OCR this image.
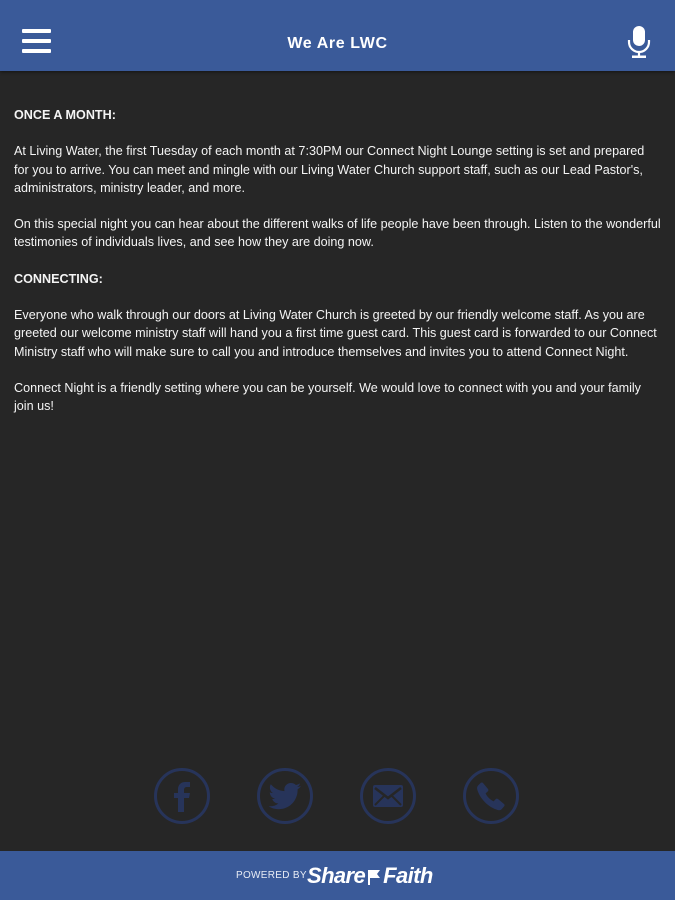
We Are LWC

ONCE A MONTH:

At Living Water, the first Tuesday of each month at 7:30PM our Connect Night Lounge setting is set and prepared for you to arrive. You can meet and mingle with our Living Water Church support staff, such as our Lead Pastor's, administrators, ministry leader, and more.

On this special night you can hear about the different walks of life people have been through. Listen to the wonderful testimonies of individuals lives, and see how they are doing now.

CONNECTING:

Everyone who walk through our doors at Living Water Church is greeted by our friendly welcome staff. As you are greeted our welcome ministry staff will hand you a first time guest card. This guest card is forwarded to our Connect Ministry staff who will make sure to call you and introduce themselves and invites you to attend Connect Night.

Connect Night is a friendly setting where you can be yourself. We would love to connect with you and your family join us!

POWERED BY Share Faith
